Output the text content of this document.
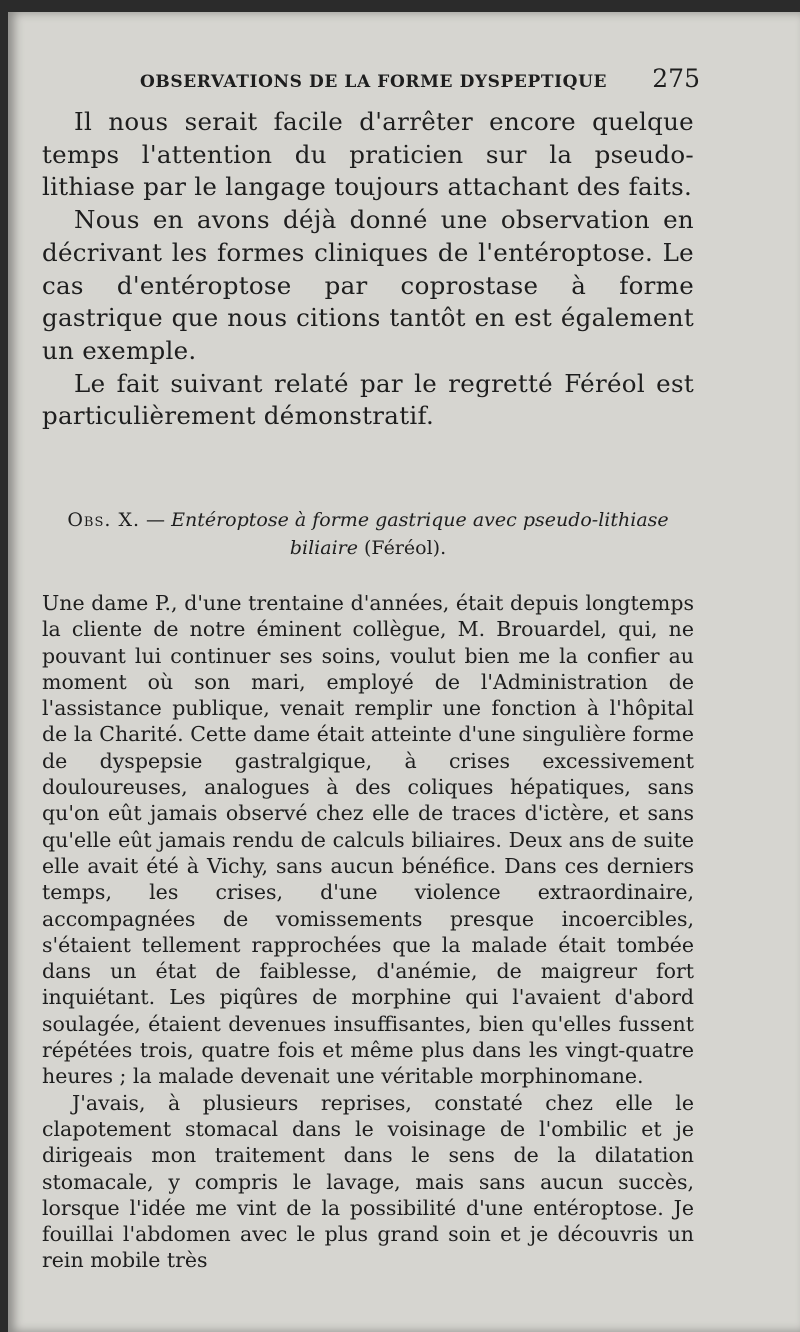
OBSERVATIONS DE LA FORME DYSPEPTIQUE 275

Il nous serait facile d'arrêter encore quelque temps l'attention du praticien sur la pseudo-lithiase par le langage toujours attachant des faits.

Nous en avons déjà donné une observation en décrivant les formes cliniques de l'entéroptose. Le cas d'entéroptose par coprostase à forme gastrique que nous citions tantôt en est également un exemple.

Le fait suivant relaté par le regretté Féréol est particulièrement démonstratif.

Obs. X. — Entéroptose à forme gastrique avec pseudo-lithiase biliaire (Féréol).

Une dame P., d'une trentaine d'années, était depuis longtemps la cliente de notre éminent collègue, M. Brouardel, qui, ne pouvant lui continuer ses soins, voulut bien me la confier au moment où son mari, employé de l'Administration de l'assistance publique, venait remplir une fonction à l'hôpital de la Charité. Cette dame était atteinte d'une singulière forme de dyspepsie gastralgique, à crises excessivement douloureuses, analogues à des coliques hépatiques, sans qu'on eût jamais observé chez elle de traces d'ictère, et sans qu'elle eût jamais rendu de calculs biliaires. Deux ans de suite elle avait été à Vichy, sans aucun bénéfice. Dans ces derniers temps, les crises, d'une violence extraordinaire, accompagnées de vomissements presque incoercibles, s'étaient tellement rapprochées que la malade était tombée dans un état de faiblesse, d'anémie, de maigreur fort inquiétant. Les piqûres de morphine qui l'avaient d'abord soulagée, étaient devenues insuffisantes, bien qu'elles fussent répétées trois, quatre fois et même plus dans les vingt-quatre heures ; la malade devenait une véritable morphinomane.

J'avais, à plusieurs reprises, constaté chez elle le clapotement stomacal dans le voisinage de l'ombilic et je dirigeais mon traitement dans le sens de la dilatation stomacale, y compris le lavage, mais sans aucun succès, lorsque l'idée me vint de la possibilité d'une entéroptose. Je fouillai l'abdomen avec le plus grand soin et je découvris un rein mobile très
